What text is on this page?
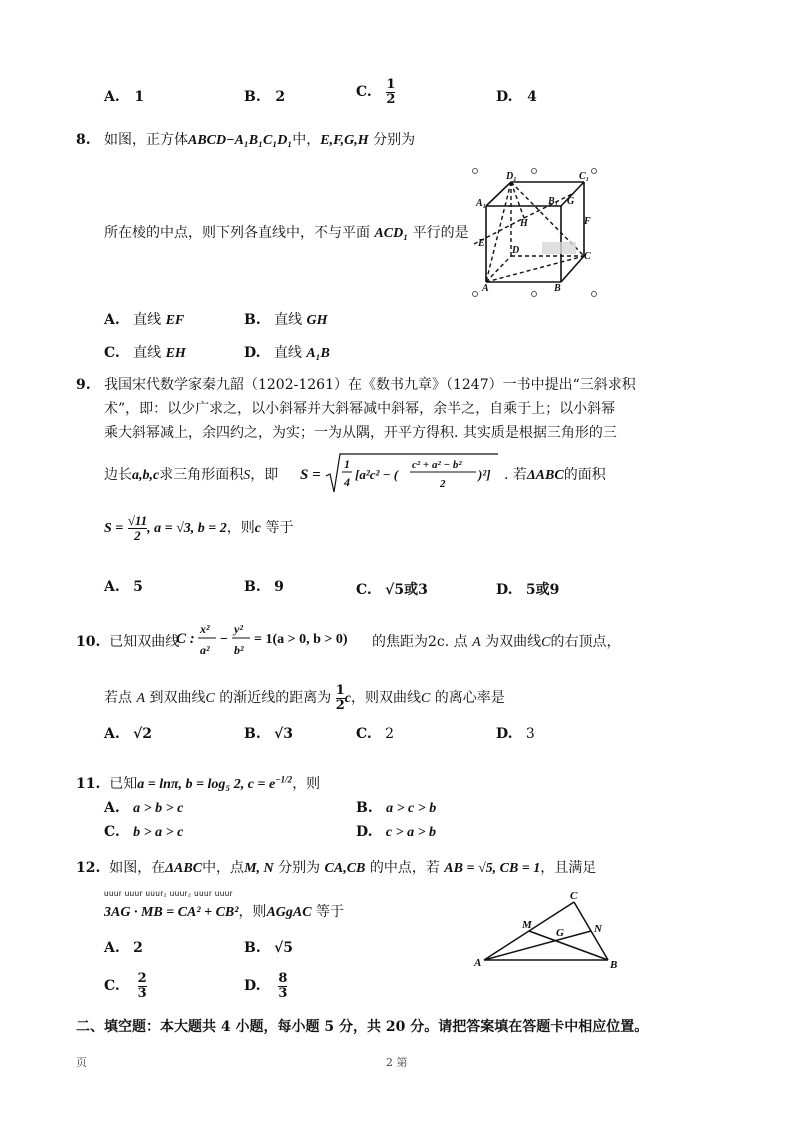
A. 1	B. 2	C. $\frac{1}{2}$	D. 4
8. 如图，正方体ABCD−A₁B₁C₁D₁中，E,F,G,H 分别为
所在棱的中点，则下列各直线中，不与平面 ACD₁ 平行的是
D₁	C₁
A₁	B₁ G
H	F
E
D
C
A	B
A. 直线 EF	B. 直线 GH
C. 直线 EH	D. 直线 A₁B
9. 我国宋代数学家秦九韶（1202-1261）在《数书九章》（1247）一书中提出“三斜求积
术”，即：以少广求之，以小斜幂并大斜幂减中斜幂，余半之，自乘于上；以小斜幂
乘大斜幂减上，余四约之，为实；一为从隅，开平方得积. 其实质是根据三角形的三
边长a,b,c求三角形面积S，即 S =
1
4 [a²c² − (
c² + a² − b²
2
)²] . 若ΔABC的面积
$S = \frac{√11}{2}$ , a = √3, b = 2，则c 等于
A. 5	B. 9	C. √5或3	D. 5或9
10. 已知双曲线
C :
x²
a²
−
y²
b²
= 1(a > 0, b > 0) 的焦距为2c. 点 A 为双曲线C的右顶点，
若点 A 到双曲线C 的渐近线的距离为 $\frac{1}{2}$ c，则双曲线C 的离心率是
A. √2	B. √3	C. 2	D. 3
11. 已知a = lnπ, b = log₅ 2, $c = e^{-1/2}$，则
A. a > b > c	B. a > c > b
C. b > a > c	D. c > a > b
12. 如图，在ΔABC中，点M, N 分别为 CA,CB 的中点，若 AB = √5, CB = 1，且满足
uuur uuur uuur₂ uuur₂ uuur uuur
3AG · MB = CA² + CB²，则AGgAC 等于
C
M
G	N
A	B
A. 2	B. √5
C. $\frac{2}{3}$	D. $\frac{8}{3}$
二、填空题：本大题共 4 小题，每小题 5 分，共 20 分。请把答案填在答题卡中相应位置。
页	2 第
